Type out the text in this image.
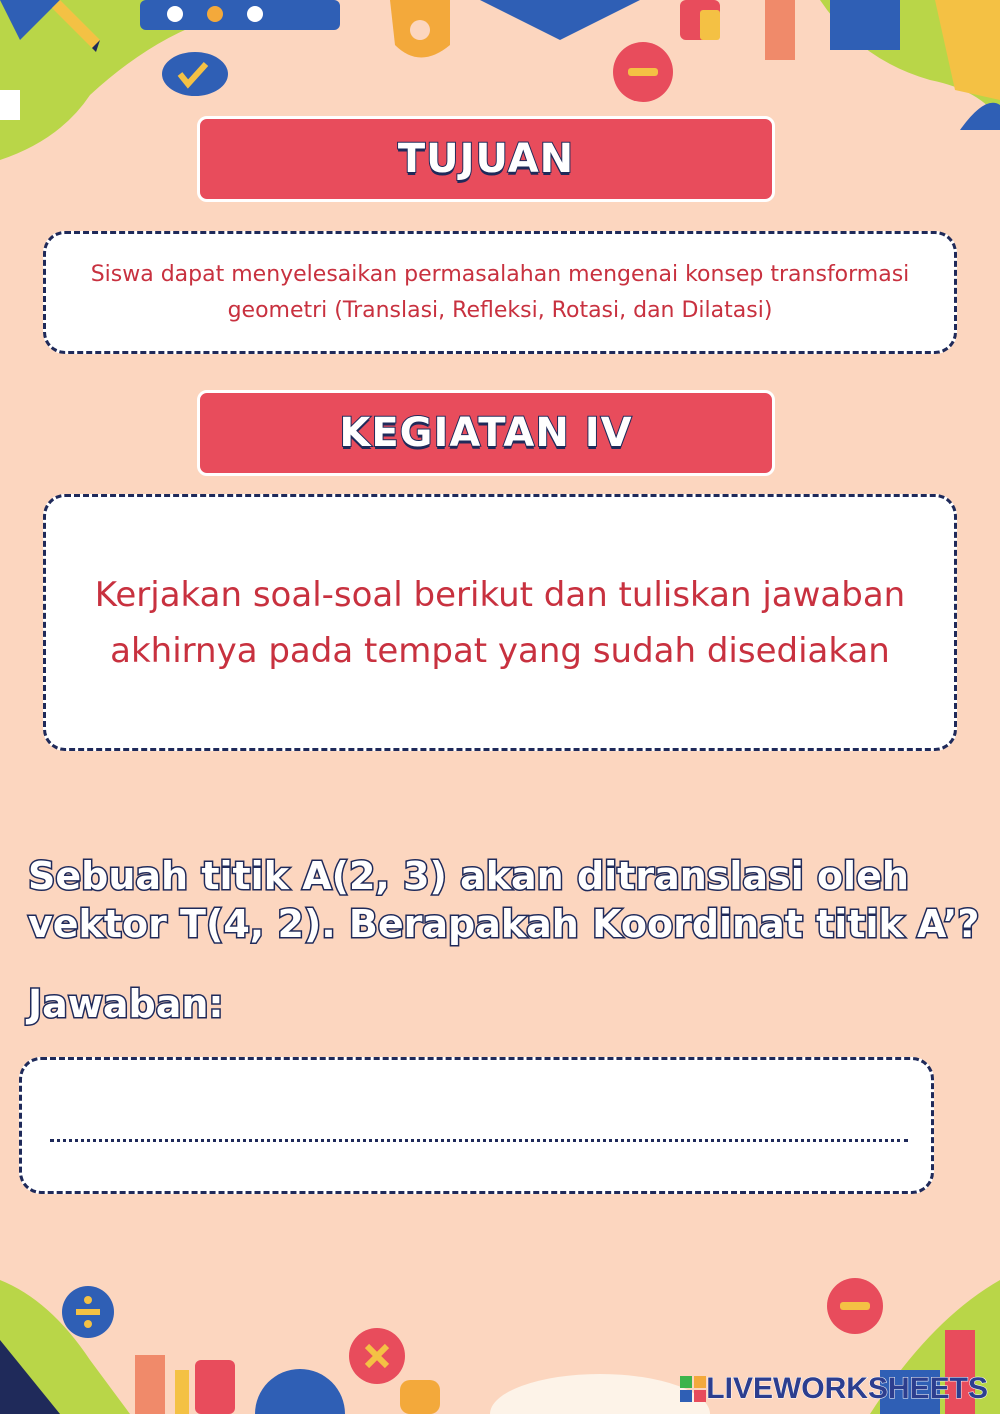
TUJUAN

Siswa dapat menyelesaikan permasalahan mengenai konsep transformasi geometri (Translasi, Refleksi, Rotasi, dan Dilatasi)

KEGIATAN IV

Kerjakan soal-soal berikut dan tuliskan jawaban akhirnya pada tempat yang sudah disediakan

Sebuah titik A(2, 3) akan ditranslasi oleh vektor T(4, 2). Berapakah Koordinat titik A’?

Jawaban:

LIVEWORKSHEETS
